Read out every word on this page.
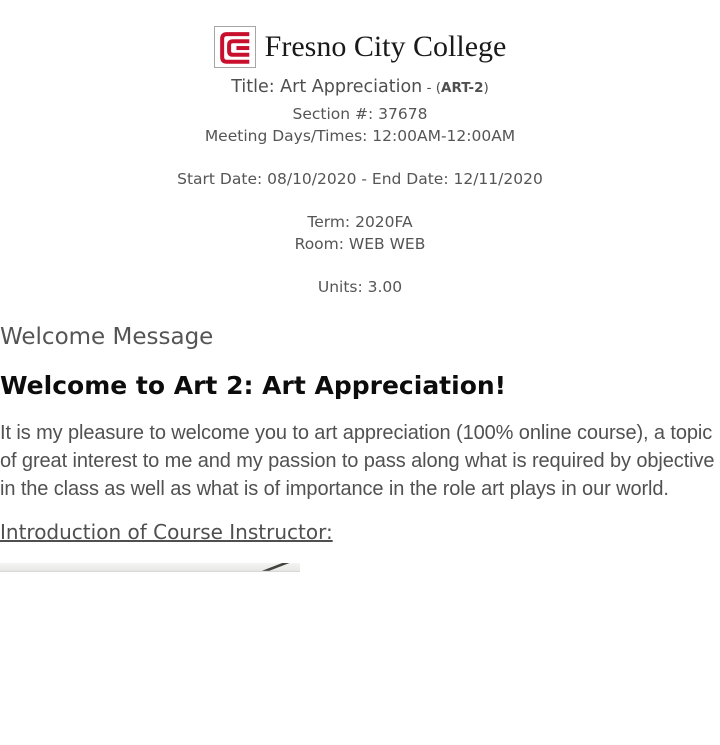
Fresno City College
Title: Art Appreciation - (ART-2)
Section #: 37678
Meeting Days/Times: 12:00AM-12:00AM
Start Date: 08/10/2020 - End Date: 12/11/2020
Term: 2020FA
Room: WEB WEB
Units: 3.00
Welcome Message
Welcome to Art 2: Art Appreciation!

It is my pleasure to welcome you to art appreciation (100% online course), a topic of great interest to me and my passion to pass along what is required by objective in the class as well as what is of importance in the role art plays in our world.

Introduction of Course Instructor:
